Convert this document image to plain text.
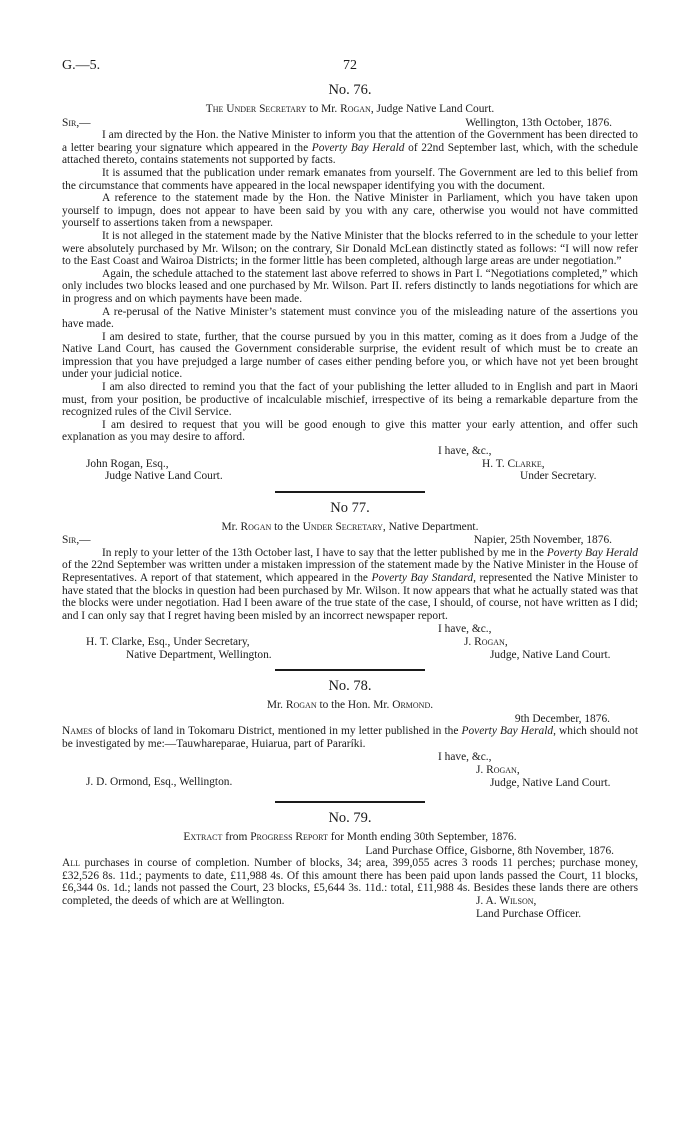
G.—5.	72
No. 76.
The Under Secretary to Mr. Rogan, Judge Native Land Court.
Sir,—	Wellington, 13th October, 1876.

I am directed by the Hon. the Native Minister to inform you that the attention of the Government has been directed to a letter bearing your signature which appeared in the Poverty Bay Herald of 22nd September last, which, with the schedule attached thereto, contains statements not supported by facts.

It is assumed that the publication under remark emanates from yourself. The Government are led to this belief from the circumstance that comments have appeared in the local newspaper identifying you with the document.

A reference to the statement made by the Hon. the Native Minister in Parliament, which you have taken upon yourself to impugn, does not appear to have been said by you with any care, otherwise you would not have committed yourself to assertions taken from a newspaper.

It is not alleged in the statement made by the Native Minister that the blocks referred to in the schedule to your letter were absolutely purchased by Mr. Wilson; on the contrary, Sir Donald McLean distinctly stated as follows: “I will now refer to the East Coast and Wairoa Districts; in the former little has been completed, although large areas are under negotiation.”

Again, the schedule attached to the statement last above referred to shows in Part I. “Negotiations completed,” which only includes two blocks leased and one purchased by Mr. Wilson. Part II. refers distinctly to lands negotiations for which are in progress and on which payments have been made.

A re-perusal of the Native Minister’s statement must convince you of the misleading nature of the assertions you have made.

I am desired to state, further, that the course pursued by you in this matter, coming as it does from a Judge of the Native Land Court, has caused the Government considerable surprise, the evident result of which must be to create an impression that you have prejudged a large number of cases either pending before you, or which have not yet been brought under your judicial notice.

I am also directed to remind you that the fact of your publishing the letter alluded to in English and part in Maori must, from your position, be productive of incalculable mischief, irrespective of its being a remarkable departure from the recognized rules of the Civil Service.

I am desired to request that you will be good enough to give this matter your early attention, and offer such explanation as you may desire to afford.

I have, &c.,
John Rogan, Esq.,
Judge Native Land Court.
H. T. Clarke,
Under Secretary.
No 77.
Mr. Rogan to the Under Secretary, Native Department.
Sir,—	Napier, 25th November, 1876.

In reply to your letter of the 13th October last, I have to say that the letter published by me in the Poverty Bay Herald of the 22nd September was written under a mistaken impression of the statement made by the Native Minister in the House of Representatives. A report of that statement, which appeared in the Poverty Bay Standard, represented the Native Minister to have stated that the blocks in question had been purchased by Mr. Wilson. It now appears that what he actually stated was that the blocks were under negotiation. Had I been aware of the true state of the case, I should, of course, not have written as I did; and I can only say that I regret having been misled by an incorrect newspaper report.

I have, &c.,
H. T. Clarke, Esq., Under Secretary,
Native Department, Wellington.
J. Rogan,
Judge, Native Land Court.
No. 78.
Mr. Rogan to the Hon. Mr. Ormond.
9th December, 1876.

Names of blocks of land in Tokomaru District, mentioned in my letter published in the Poverty Bay Herald, which should not be investigated by me:—Tauwhareparae, Huiarua, part of Pararíki.

I have, &c.,
J. D. Ormond, Esq., Wellington.
J. Rogan,
Judge, Native Land Court.
No. 79.
Extract from Progress Report for Month ending 30th September, 1876.
Land Purchase Office, Gisborne, 8th November, 1876.

All purchases in course of completion. Number of blocks, 34; area, 399,055 acres 3 roods 11 perches; purchase money, £32,526 8s. 11d.; payments to date, £11,988 4s. Of this amount there has been paid upon lands passed the Court, 11 blocks, £6,344 0s. 1d.; lands not passed the Court, 23 blocks, £5,644 3s. 11d.: total, £11,988 4s. Besides these lands there are others completed, the deeds of which are at Wellington.	J. A. Wilson,
Land Purchase Officer.
